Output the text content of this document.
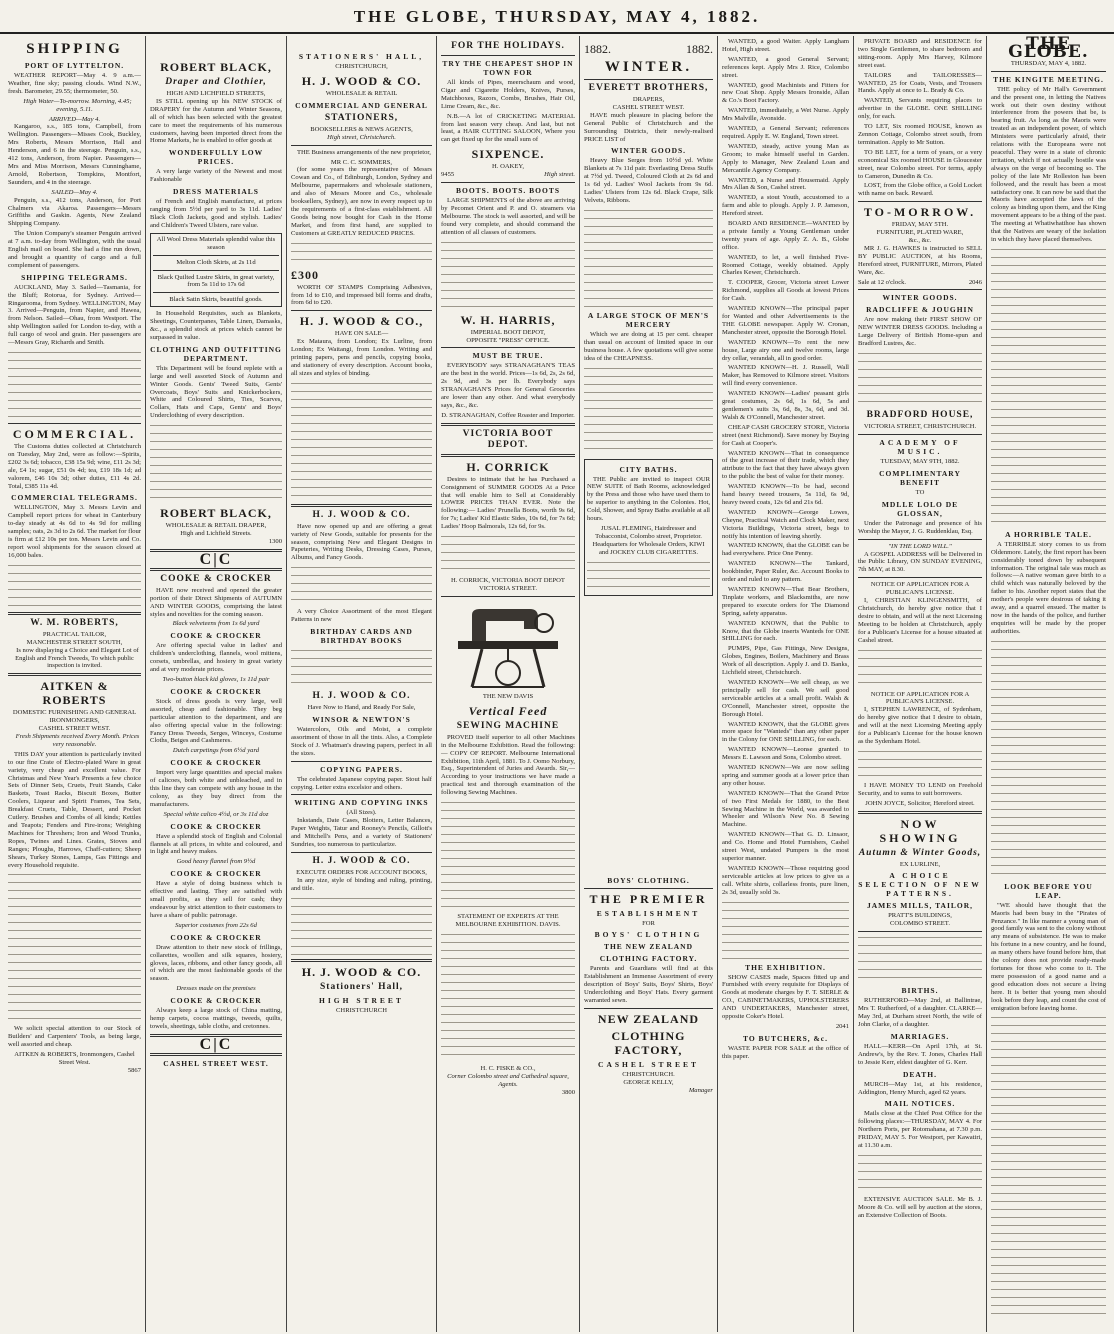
THE GLOBE, THURSDAY, MAY 4, 1882.
SHIPPING
PORT OF LYTTELTON.
WEATHER REPORT—May 4. 9 a.m.—Weather, fine sky; passing clouds. Wind N.W., fresh. Barometer, 29.55; thermometer, 50.
High Water—To-morrow. Morning, 4.45; evening, 5.11.
ARRIVED—May 4.
Kangaroo, s.s., 185 tons, Campbell, from Wellington. Passengers—Misses Cook, Buckley, Mrs Roberts, Messrs Morrison, Hall and Henderson, and 6 in the steerage. Penguin, s.s., 412 tons, Anderson, from Napier. Passengers—Mrs and Miss Morrison, Messrs Cunninghame, Arnold, Robertson, Tompkins, Montfort, Saunders, and 4 in the steerage.
SAILED—May 4.
Penguin, s.s., 412 tons, Anderson, for Port Chalmers via Akaroa. Passengers—Messrs Griffiths and Gaskin. Agents, New Zealand Shipping Company.
The Union Company's steamer Penguin arrived at 7 a.m. to-day from Wellington, with the usual English mail on board. She had a fine run down, and brought a quantity of cargo and a full complement of passengers.
SHIPPING TELEGRAMS.
AUCKLAND, May 3. Sailed—Tasmania, for the Bluff; Rotorua, for Sydney. Arrived—Ringarooma, from Sydney. WELLINGTON, May 3. Arrived—Penguin, from Napier, and Hawea, from Nelson. Sailed—Ohau, from Westport. The ship Wellington sailed for London to-day, with a full cargo of wool and grain. Her passengers are—Messrs Gray, Richards and Smith.
COMMERCIAL.
The Customs duties collected at Christchurch on Tuesday, May 2nd, were as follow:—Spirits, £202 3s 6d; tobacco, £38 15s 9d; wine, £11 2s 3d; ale, £4 1s; sugar, £51 0s 4d; tea, £19 18s 1d; ad valorem, £46 10s 3d; other duties, £11 4s 2d. Total, £385 11s 4d.
COMMERCIAL TELEGRAMS.
WELLINGTON, May 3. Messrs Levin and Campbell report prices for wheat in Canterbury to-day steady at 4s 6d to 4s 9d for milling samples; oats, 2s 3d to 2s 6d. The market for flour is firm at £12 10s per ton. Messrs Levin and Co. report wool shipments for the season closed at 16,000 bales.
W. M. ROBERTS,
PRACTICAL TAILOR,
MANCHESTER STREET SOUTH,
Is now displaying a Choice and Elegant Lot of English and French Tweeds, To which public inspection is invited.
AITKEN & ROBERTS
DOMESTIC FURNISHING AND GENERAL IRONMONGERS,
CASHEL STREET WEST.
Fresh Shipments received Every Month. Prices very reasonable.
THIS DAY your attention is particularly invited to our fine Crate of Electro-plated Ware in great variety, very cheap and excellent value. For Christmas and New Year's Presents a few choice Sets of Dinner Sets, Cruets, Fruit Stands, Cake Baskets, Toast Racks, Biscuit Boxes, Butter Coolers, Liqueur and Spirit Frames, Tea Sets, Breakfast Cruets, Table, Dessert, and Pocket Cutlery. Brushes and Combs of all kinds; Kettles and Teapots; Fenders and Fire-irons; Weighing Machines for Threshers; Iron and Wood Trunks, Ropes, Twines and Lines. Grates, Stoves and Ranges; Ploughs, Harrows, Chaff-cutters; Sheep Shears, Turkey Stones, Lamps, Gas Fittings and every Household requisite.
We solicit special attention to our Stock of Builders' and Carpenters' Tools, as being large, well assorted and cheap.
AITKEN & ROBERTS, Ironmongers, Cashel Street West.
5867
ROBERT BLACK,
Draper and Clothier,
HIGH AND LICHFIELD STREETS,
IS STILL opening up his NEW STOCK of DRAPERY for the Autumn and Winter Seasons, all of which has been selected with the greatest care to meet the requirements of his numerous customers, having been imported direct from the Home Markets, he is enabled to offer goods at
WONDERFULLY LOW PRICES.
A very large variety of the Newest and most Fashionable
DRESS MATERIALS
of French and English manufacture, at prices ranging from 5½d per yard to 3s 11d. Ladies' Black Cloth Jackets, good and stylish. Ladies' and Children's Tweed Ulsters, rare value.
All Wool Dress Materials splendid value this season
Melton Cloth Skirts, at 2s 11d
Black Quilted Lustre Skirts, in great variety, from 5s 11d to 17s 6d
Black Satin Skirts, beautiful goods.
In Household Requisites, such as Blankets, Sheetings, Counterpanes, Table Linen, Damasks, &c., a splendid stock at prices which cannot be surpassed in value.
CLOTHING AND OUTFITTING DEPARTMENT.
This Department will be found replete with a large and well assorted Stock of Autumn and Winter Goods. Gents' Tweed Suits, Gents' Overcoats, Boys' Suits and Knickerbockers, White and Coloured Shirts, Ties, Scarves, Collars, Hats and Caps, Gents' and Boys' Underclothing of every description.
ROBERT BLACK,
WHOLESALE & RETAIL DRAPER,
High and Lichfield Streets.
1300
C|C
COOKE & CROCKER
HAVE now received and opened the greater portion of their Direct Shipments of AUTUMN AND WINTER GOODS, comprising the latest styles and novelties for the coming season.
Black velveteens from 1s 6d yard
COOKE & CROCKER
Are offering special value in ladies' and children's underclothing, flannels, wool mittens, corsets, umbrellas, and hosiery in great variety and at very moderate prices.
Two-button black kid gloves, 1s 11d pair
COOKE & CROCKER
Stock of dress goods is very large, well assorted, cheap and fashionable. They beg particular attention to the department, and are also offering special value in the following: Fancy Dress Tweeds, Serges, Winceys, Costume Cloths, Beiges and Cashmeres.
Dutch carpetings from 6½d yard
COOKE & CROCKER
Import very large quantities and special makes of calicoes, both white and unbleached, and in this line they can compete with any house in the colony, as they buy direct from the manufacturers.
Special white calico 4½d, or 3s 11d doz
COOKE & CROCKER
Have a splendid stock of English and Colonial flannels at all prices, in white and coloured, and in light and heavy makes.
Good heavy flannel from 9½d
COOKE & CROCKER
Have a style of doing business which is effective and lasting. They are satisfied with small profits, as they sell for cash; they endeavour by strict attention to their customers to have a share of public patronage.
Superior costumes from 22s 6d
COOKE & CROCKER
Draw attention to their new stock of frillings, collarettes, woollen and silk squares, hosiery, gloves, laces, ribbons, and other fancy goods, all of which are the most fashionable goods of the season.
Dresses made on the premises
COOKE & CROCKER
Always keep a large stock of China matting, hemp carpets, cocoa mattings, tweeds, quilts, towels, sheetings, table cloths, and cretonnes.
C|C
CASHEL STREET WEST.
STATIONERS' HALL,
CHRISTCHURCH,
H. J. WOOD & CO.
WHOLESALE & RETAIL
COMMERCIAL AND GENERAL
STATIONERS,
BOOKSELLERS & NEWS AGENTS,
High street, Christchurch.
THE Business arrangements of the new proprietor,
MR C. C. SOMMERS,
(for some years the representative of Messrs Cowan and Co., of Edinburgh, London, Sydney and Melbourne, papermakers and wholesale stationers, and also of Messrs Moore and Co., wholesale booksellers, Sydney), are now in every respect up to the requirements of a first-class establishment. All Goods being now bought for Cash in the Home Market, and from first hand, are supplied to Customers at GREATLY REDUCED PRICES.
£300
WORTH OF STAMPS Comprising Adhesives, from 1d to £10, and impressed bill forms and drafts, from 6d to £20.
H. J. WOOD & CO.,
HAVE ON SALE—
Ex Mataura, from London; Ex Lurline, from London; Ex Waitangi, from London. Writing and printing papers, pens and pencils, copying books, and stationery of every description. Account books, all sizes and styles of binding.
H. J. WOOD & CO.
Have now opened up and are offering a great variety of New Goods, suitable for presents for the season, comprising New and Elegant Designs in Papeteries, Writing Desks, Dressing Cases, Purses, Albums, and Fancy Goods.
A very Choice Assortment of the most Elegant Patterns in new
BIRTHDAY CARDS AND BIRTHDAY BOOKS
H. J. WOOD & CO.
Have Now to Hand, and Ready For Sale,
WINSOR & NEWTON'S
Watercolors, Oils and Moist, a complete assortment of those in all the tints. Also, a Complete Stock of J. Whatman's drawing papers, perfect in all the sizes.
COPYING PAPERS.
The celebrated Japanese copying paper. Stout half copying. Letter extra excelsior and others.
WRITING AND COPYING INKS
(All Sizes).
Inkstands, Date Cases, Blotters, Letter Balances, Paper Weights, Tatur and Rooney's Pencils, Gillott's and Mitchell's Pens, and a variety of Stationers' Sundries, too numerous to particularize.
H. J. WOOD & CO.
EXECUTE ORDERS FOR ACCOUNT BOOKS,
In any size, style of binding and ruling, printing, and title.
H. J. WOOD & CO.
Stationers' Hall,
HIGH STREET
CHRISTCHURCH
FOR THE HOLIDAYS.
TRY THE CHEAPEST SHOP IN TOWN FOR
All kinds of Pipes, meerschaum and wood, Cigar and Cigarette Holders, Knives, Purses, Matchboxes, Razors, Combs, Brushes, Hair Oil, Lime Cream, &c., &c.
N.B.—A lot of CRICKETING MATERIAL from last season very cheap. And last, but not least, a HAIR CUTTING SALOON, Where you can get fixed up for the small sum of
SIXPENCE.
H. OAKEY,
9455	High street.
BOOTS. BOOTS. BOOTS
LARGE SHIPMENTS of the above are arriving by Pecomet Orient and P. and O. steamers via Melbourne. The stock is well assorted, and will be found very complete, and should command the attention of all classes of customers.
W. H. HARRIS,
IMPERIAL BOOT DEPOT,
OPPOSITE "PRESS" OFFICE.
MUST BE TRUE.
EVERYBODY says STRANAGHAN'S TEAS are the best in the world. Prices—1s 6d, 2s, 2s 6d, 2s 9d, and 3s per lb. Everybody says STRANAGHAN'S Prices for General Groceries are lower than any other. And what everybody says, &c., &c.
D. STRANAGHAN, Coffee Roaster and Importer.
VICTORIA BOOT DEPOT.
H. CORRICK
Desires to intimate that he has Purchased a Consignment of SUMMER GOODS At a Price that will enable him to Sell at Considerably LOWER PRICES THAN EVER. Note the following:— Ladies' Prunella Boots, worth 9s 6d, for 7s; Ladies' Kid Elastic Sides, 10s 6d, for 7s 6d; Ladies' Hoop Balmorals, 12s 6d, for 9s.
H. CORRICK, VICTORIA BOOT DEPOT VICTORIA STREET.
THE NEW DAVIS
Vertical Feed
SEWING MACHINE
PROVED itself superior to all other Machines in the Melbourne Exhibition. Read the following:— COPY OF REPORT. Melbourne International Exhibition, 11th April, 1881. To J. Oomo Norbury, Esq., Superintendent of Juries and Awards. Sir,—According to your instructions we have made a practical test and thorough examination of the following Sewing Machines.
STATEMENT OF EXPERTS AT THE MELBOURNE EXHIBITION. DAVIS.
H. C. FISKE & CO.,
Corner Colombo street and Cathedral square, Agents.
3800
1882.	1882.
WINTER.
EVERETT BROTHERS,
DRAPERS,
CASHEL STREET WEST.
HAVE much pleasure in placing before the General Public of Christchurch and the Surrounding Districts, their newly-realised PRICE LIST of
WINTER GOODS.
Heavy Blue Serges from 10½d yd. White Blankets at 7s 11d pair. Everlasting Dress Stuffs at 7½d yd. Tweed, Coloured Cloth at 2s 6d and 1s 6d yd. Ladies' Wool Jackets from 9s 6d. Ladies' Ulsters from 12s 6d. Black Crape, Silk Velvets, Ribbons.
A LARGE STOCK OF MEN'S MERCERY
Which we are doing at 15 per cent. cheaper than usual on account of limited space in our business house. A few quotations will give some idea of the CHEAPNESS.
CITY BATHS.
THE Public are invited to inspect OUR NEW SUITE of Bath Rooms, acknowledged by the Press and those who have used them to be superior to anything in the Colonies. Hot, Cold, Shower, and Spray Baths available at all hours.
JUSAL FLEMING, Hairdresser and Tobacconist, Colombo street, Proprietor. Headquarters for Wholesale Orders, KIWI and JOCKEY CLUB CIGARETTES.
BOYS' CLOTHING.
THE PREMIER
ESTABLISHMENT
FOR
BOYS' CLOTHING
THE NEW ZEALAND
CLOTHING FACTORY.
Parents and Guardians will find at this Establishment an Immense Assortment of every description of Boys' Suits, Boys' Shirts, Boys' Underclothing and Boys' Hats. Every garment warranted sewn.
NEW ZEALAND
CLOTHING FACTORY,
CASHEL STREET
CHRISTCHURCH.
GEORGE KELLY,
Manager
WANTED, a good Waiter. Apply Langham Hotel, High street.
WANTED, a good General Servant; references kept. Apply Mrs J. Rice, Colombo street.
WANTED, good Machinists and Fitters for new Coat Shop. Apply Messrs Ironside, Allan & Co.'s Boot Factory.
WANTED, immediately, a Wet Nurse. Apply Mrs Malville, Avonside.
WANTED, a General Servant; references required. Apply E. W. England, Town street.
WANTED, steady, active young Man as Groom; to make himself useful in Garden. Apply to Manager, New Zealand Loan and Mercantile Agency Company.
WANTED, a Nurse and Housemaid. Apply Mrs Allan & Son, Cashel street.
WANTED, a stout Youth, accustomed to a farm and able to plough. Apply J. P. Jameson, Hereford street.
BOARD AND RESIDENCE—WANTED by a private family a Young Gentleman under twenty years of age. Apply Z. A. B., Globe office.
WANTED, to let, a well finished Five-Roomed Cottage, weekly obtained. Apply Charles Kewer, Christchurch.
T. COOPER, Grocer, Victoria street Lower Richmond, supplies all Goods at lowest Prices for Cash.
WANTED KNOWN—The principal paper for Wanted and other Advertisements is the THE GLOBE newspaper. Apply W. Cronan, Manchester street, opposite the Borough Hotel.
WANTED KNOWN—To rent the new house, Large airy one and twelve rooms, large dry cellar, verandah, all in good order.
WANTED KNOWN—H. J. Russell, Wall Maker, has Removed to Kilmore street. Visitors will find every convenience.
WANTED KNOWN—Ladies' peasant girls great costumes, 2s 6d, 1s 6d, 5s and gentlemen's suits 3s, 6d, 8s, 3s, 6d, and 3d. Walsh & O'Connell, Manchester street.
CHEAP CASH GROCERY STORE, Victoria street (next Richmond). Save money by Buying for Cash at Cooper's.
WANTED KNOWN—That in consequence of the great increase of their trade, which they attribute to the fact that they have always given to the public the best of value for their money.
WANTED KNOWN—To be had, second hand heavy tweed trousers, 5s 11d, 6s 9d, heavy tweed coats, 12s 6d and 21s 6d.
WANTED KNOWN—George Lowes, Cheyne, Practical Watch and Clock Maker, next Victoria Buildings, Victoria street, begs to notify his intention of leaving shortly.
WANTED KNOWN, that the GLOBE can be had everywhere. Price One Penny.
WANTED KNOWN—The Tankard, bookbinder, Paper Ruler, &c. Account Books to order and ruled to any pattern.
WANTED KNOWN—That Bear Brothers, Tinplate workers, and Blacksmiths, are now prepared to execute orders for The Diamond Spring, safety apparatus.
WANTED KNOWN, that the Public to Know, that the Globe inserts Wanteds for ONE SHILLING for each.
PUMPS, Pipe, Gas Fittings, New Designs, Globes, Engines, Boilers, Machinery and Brass Work of all description. Apply J. and D. Banks, Lichfield street, Christchurch.
WANTED KNOWN—We sell cheap, as we principally sell for cash. We sell good serviceable articles at a small profit. Walsh & O'Connell, Manchester street, opposite the Borough Hotel.
WANTED KNOWN, that the GLOBE gives more space for "Wanteds" than any other paper in the Colony for ONE SHILLING, for each.
WANTED KNOWN—Leonse granted to Messrs E. Lawson and Sons, Colombo street.
WANTED KNOWN—We are now selling spring and summer goods at a lower price than any other house.
WANTED KNOWN—That the Grand Prize of two First Medals for 1880, to the Best Sewing Machine in the World, was awarded to Wheeler and Wilson's New No. 8 Sewing Machine.
WANTED KNOWN—That G. D. Linsaor, and Co. Home and Hotel Furnishers, Cashel street West, undated Pumpers is the most superior manner.
WANTED KNOWN—Those requiring good serviceable articles at low prices to give us a call. White shirts, collarless fronts, pure linen, 2s 3d, usually sold 3s.
THE EXHIBITION.
SHOW CASES made, Spaces fitted up and Furnished with every requisite for Displays of Goods at moderate charges by F. T. SIERLE & CO., CABINETMAKERS, UPHOLSTERERS AND UNDERTAKERS, Manchester street, opposite Coker's Hotel.
2041
TO BUTCHERS, &c.
WASTE PAPER FOR SALE at the office of this paper.
PRIVATE BOARD and RESIDENCE for two Single Gentlemen, to share bedroom and sitting-room. Apply Mrs Harvey, Kilmore street east.
TAILORS and TAILORESSES—WANTED, 25 for Coats, Vests, and Trousers Hands. Apply at once to L. Brady & Co.
WANTED, Servants requiring places to advertise in the GLOBE. ONE SHILLING only, for each.
TO LET, Six roomed HOUSE, known as Zennon Cottage, Colombo street south, from termination. Apply to Mr Sutton.
TO BE LET, for a term of years, or a very economical Six roomed HOUSE in Gloucester street, near Colombo street. For terms, apply to Cameron, Dunedin & Co.
LOST, from the Globe office, a Gold Locket with name on back. Reward.
TO-MORROW.
FRIDAY, MAY 5TH.
FURNITURE, PLATED WARE,
&c., &c.
MR J. G. HAWKES is instructed to SELL BY PUBLIC AUCTION, at his Rooms, Hereford street, FURNITURE, Mirrors, Plated Ware, &c.
Sale at 12 o'clock.	2046
WINTER GOODS.
RADCLIFFE & JOUGHIN
Are now making their FIRST SHOW OF NEW WINTER DRESS GOODS. Including a Large Delivery of British Home-spun and Bradford Lustres, &c.
BRADFORD HOUSE,
VICTORIA STREET, CHRISTCHURCH.
ACADEMY OF MUSIC.
TUESDAY, MAY 9TH, 1882.
COMPLIMENTARY BENEFIT
TO
MDLLE LOLO DE GLOSSAN,
Under the Patronage and presence of his Worship the Mayor, J. G. Ruddenklau, Esq.
"IN THE LORD WILL."
A GOSPEL ADDRESS will be Delivered in the Public Library, ON SUNDAY EVENING, 7th MAY, at 8.30.
NOTICE OF APPLICATION FOR A PUBLICAN'S LICENSE.
I, CHRISTIAN KLINGENSMITH, of Christchurch, do hereby give notice that I desire to obtain, and will at the next Licensing Meeting to be holden at Christchurch, apply for a Publican's License for a house situated at Cashel street.
NOTICE OF APPLICATION FOR A PUBLICAN'S LICENSE.
I, STEPHEN LAWRENCE, of Sydenham, do hereby give notice that I desire to obtain, and will at the next Licensing Meeting apply for a Publican's License for the house known as the Sydenham Hotel.
I HAVE MONEY TO LEND on Freehold Security, and to sums to suit borrowers.
JOHN JOYCE, Solicitor, Hereford street.
NOW SHOWING
Autumn & Winter Goods,
EX LURLINE,
A CHOICE SELECTION OF NEW PATTERNS.
JAMES MILLS, TAILOR,
PRATT'S BUILDINGS,
COLOMBO STREET.
BIRTHS.
RUTHERFORD—May 2nd, at Ballintrae, Mrs T. Rutherford, of a daughter. CLARKE—May 3rd, at Durham street North, the wife of John Clarke, of a daughter.
MARRIAGES.
HALL—KERR—On April 17th, at St. Andrew's, by the Rev. T. Jones, Charles Hall to Jessie Kerr, eldest daughter of G. Kerr.
DEATH.
MURCH—May 1st, at his residence, Addington, Henry Murch, aged 62 years.
MAIL NOTICES.
Mails close at the Chief Post Office for the following places:—THURSDAY, MAY 4. For Northern Ports, per Rotomahana, at 7.30 p.m. FRIDAY, MAY 5. For Westport, per Kawatiri, at 11.30 a.m.
EXTENSIVE AUCTION SALE. Mr B. J. Moore & Co. will sell by auction at the stores, an Extensive Collection of Boots.
THE GLOBE.
THURSDAY, MAY 4, 1882.
THE KINGITE MEETING.
THE policy of Mr Hall's Government and the present one, in letting the Natives work out their own destiny without interference from the powers that be, is bearing fruit. As long as the Maoris were treated as an independent power, of which Ministers were particularly afraid, their relations with the Europeans were not peaceful. They were in a state of chronic irritation, which if not actually hostile was always on the verge of becoming so. The policy of the late Mr Rolleston has been followed, and the result has been a most satisfactory one. It can now be said that the Maoris have accepted the laws of the colony as binding upon them, and the King movement appears to be a thing of the past. The meeting at Whatiwhatihoe has shown that the Natives are weary of the isolation in which they have placed themselves.
A HORRIBLE TALE.
A TERRIBLE story comes to us from Oldenmore. Lately, the first report has been considerably toned down by subsequent information. The original tale was much as follows:—A native woman gave birth to a child which was naturally beloved by the father to his. Another report states that the mother's people were desirous of taking it away, and a quarrel ensued. The matter is now in the hands of the police, and further enquiries will be made by the proper authorities.
LOOK BEFORE YOU LEAP.
"WE should have thought that the Maoris had been busy in the "Pirates of Penzance." In like manner a young man of good family was sent to the colony without any means of subsistence. He was to make his fortune in a new country, and he found, as many others have found before him, that the colony does not provide ready-made fortunes for those who come to it. The mere possession of a good name and a good education does not secure a living here. It is better that young men should look before they leap, and count the cost of emigration before leaving home.
